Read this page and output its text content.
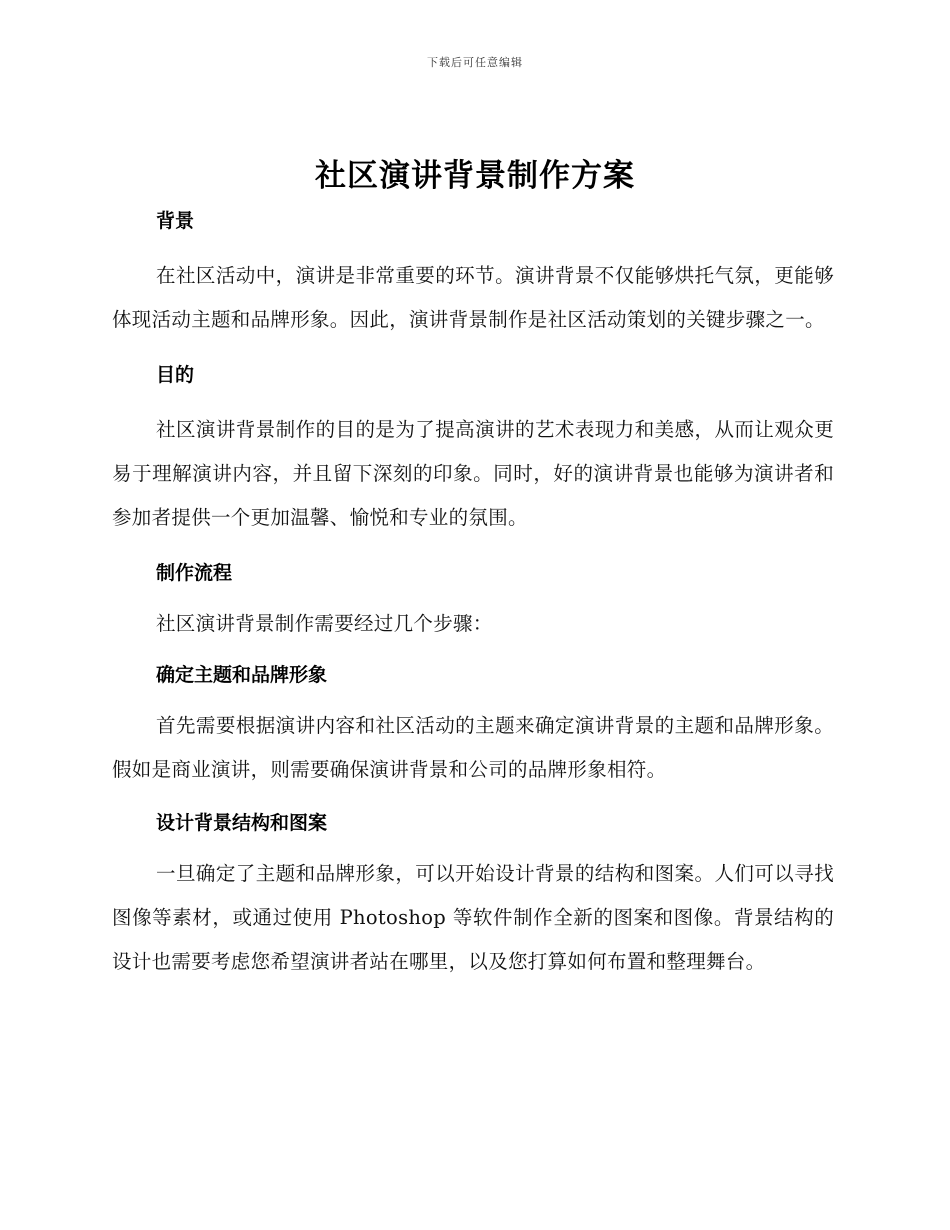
下载后可任意编辑
社区演讲背景制作方案
背景

在社区活动中，演讲是非常重要的环节。演讲背景不仅能够烘托气氛，更能够体现活动主题和品牌形象。因此，演讲背景制作是社区活动策划的关键步骤之一。

目的

社区演讲背景制作的目的是为了提高演讲的艺术表现力和美感，从而让观众更易于理解演讲内容，并且留下深刻的印象。同时，好的演讲背景也能够为演讲者和参加者提供一个更加温馨、愉悦和专业的氛围。

制作流程

社区演讲背景制作需要经过几个步骤：

确定主题和品牌形象

首先需要根据演讲内容和社区活动的主题来确定演讲背景的主题和品牌形象。假如是商业演讲，则需要确保演讲背景和公司的品牌形象相符。

设计背景结构和图案

一旦确定了主题和品牌形象，可以开始设计背景的结构和图案。人们可以寻找图像等素材，或通过使用 Photoshop 等软件制作全新的图案和图像。背景结构的设计也需要考虑您希望演讲者站在哪里，以及您打算如何布置和整理舞台。
